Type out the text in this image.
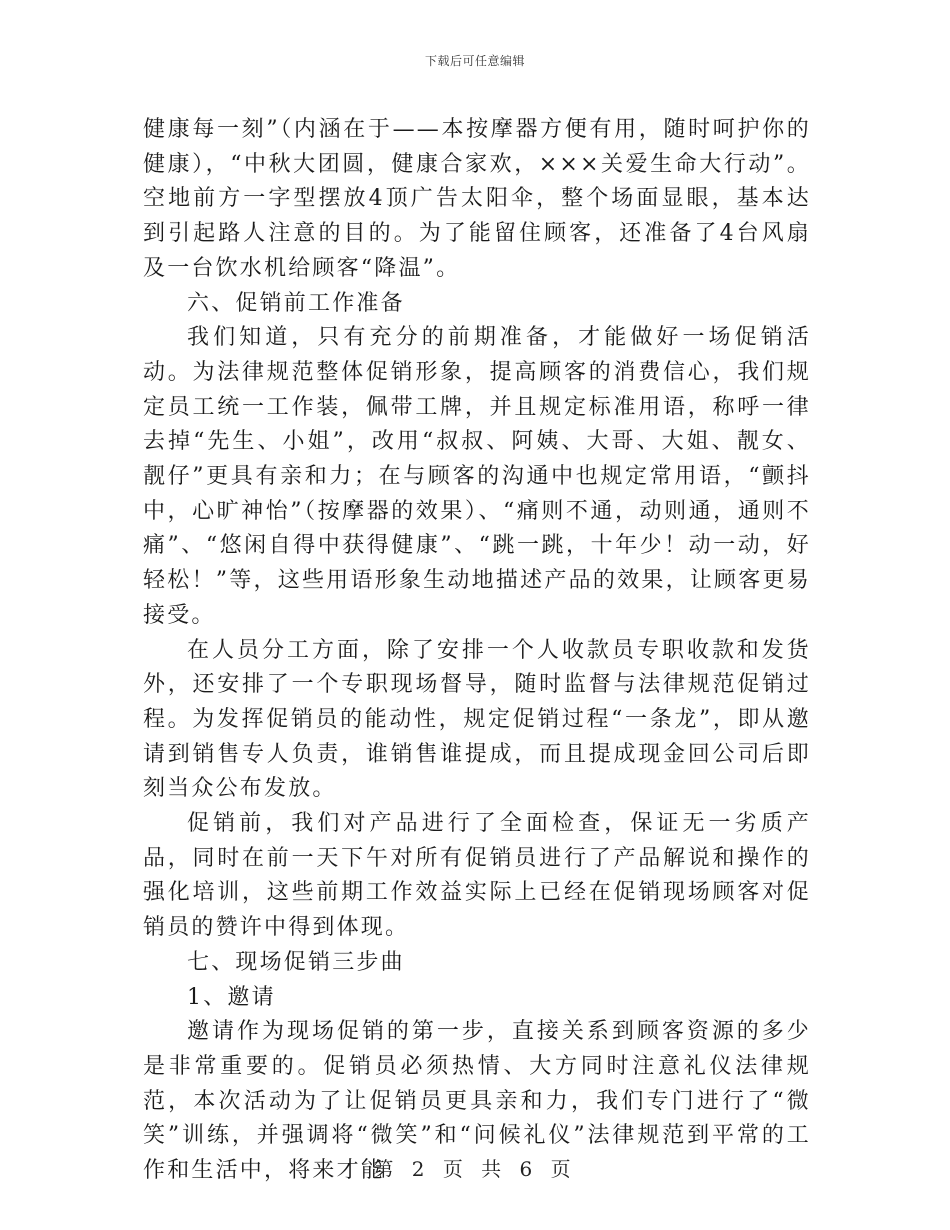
下载后可任意编辑

健康每一刻”（内涵在于——本按摩器方便有用，随时呵护你的健康），“中秋大团圆，健康合家欢，×××关爱生命大行动”。空地前方一字型摆放4顶广告太阳伞，整个场面显眼，基本达到引起路人注意的目的。为了能留住顾客，还准备了4台风扇及一台饮水机给顾客“降温”。

六、促销前工作准备

我们知道，只有充分的前期准备，才能做好一场促销活动。为法律规范整体促销形象，提高顾客的消费信心，我们规定员工统一工作装，佩带工牌，并且规定标准用语，称呼一律去掉“先生、小姐”，改用“叔叔、阿姨、大哥、大姐、靓女、靓仔”更具有亲和力；在与顾客的沟通中也规定常用语，“颤抖中，心旷神怡”（按摩器的效果）、“痛则不通，动则通，通则不痛”、“悠闲自得中获得健康”、“跳一跳，十年少！动一动，好轻松！”等，这些用语形象生动地描述产品的效果，让顾客更易接受。

在人员分工方面，除了安排一个人收款员专职收款和发货外，还安排了一个专职现场督导，随时监督与法律规范促销过程。为发挥促销员的能动性，规定促销过程“一条龙”，即从邀请到销售专人负责，谁销售谁提成，而且提成现金回公司后即刻当众公布发放。

促销前，我们对产品进行了全面检查，保证无一劣质产品，同时在前一天下午对所有促销员进行了产品解说和操作的强化培训，这些前期工作效益实际上已经在促销现场顾客对促销员的赞许中得到体现。

七、现场促销三步曲

1、邀请

邀请作为现场促销的第一步，直接关系到顾客资源的多少是非常重要的。促销员必须热情、大方同时注意礼仪法律规范，本次活动为了让促销员更具亲和力，我们专门进行了“微笑”训练，并强调将“微笑”和“问候礼仪”法律规范到平常的工作和生活中，将来才能

第 2 页 共 6 页
